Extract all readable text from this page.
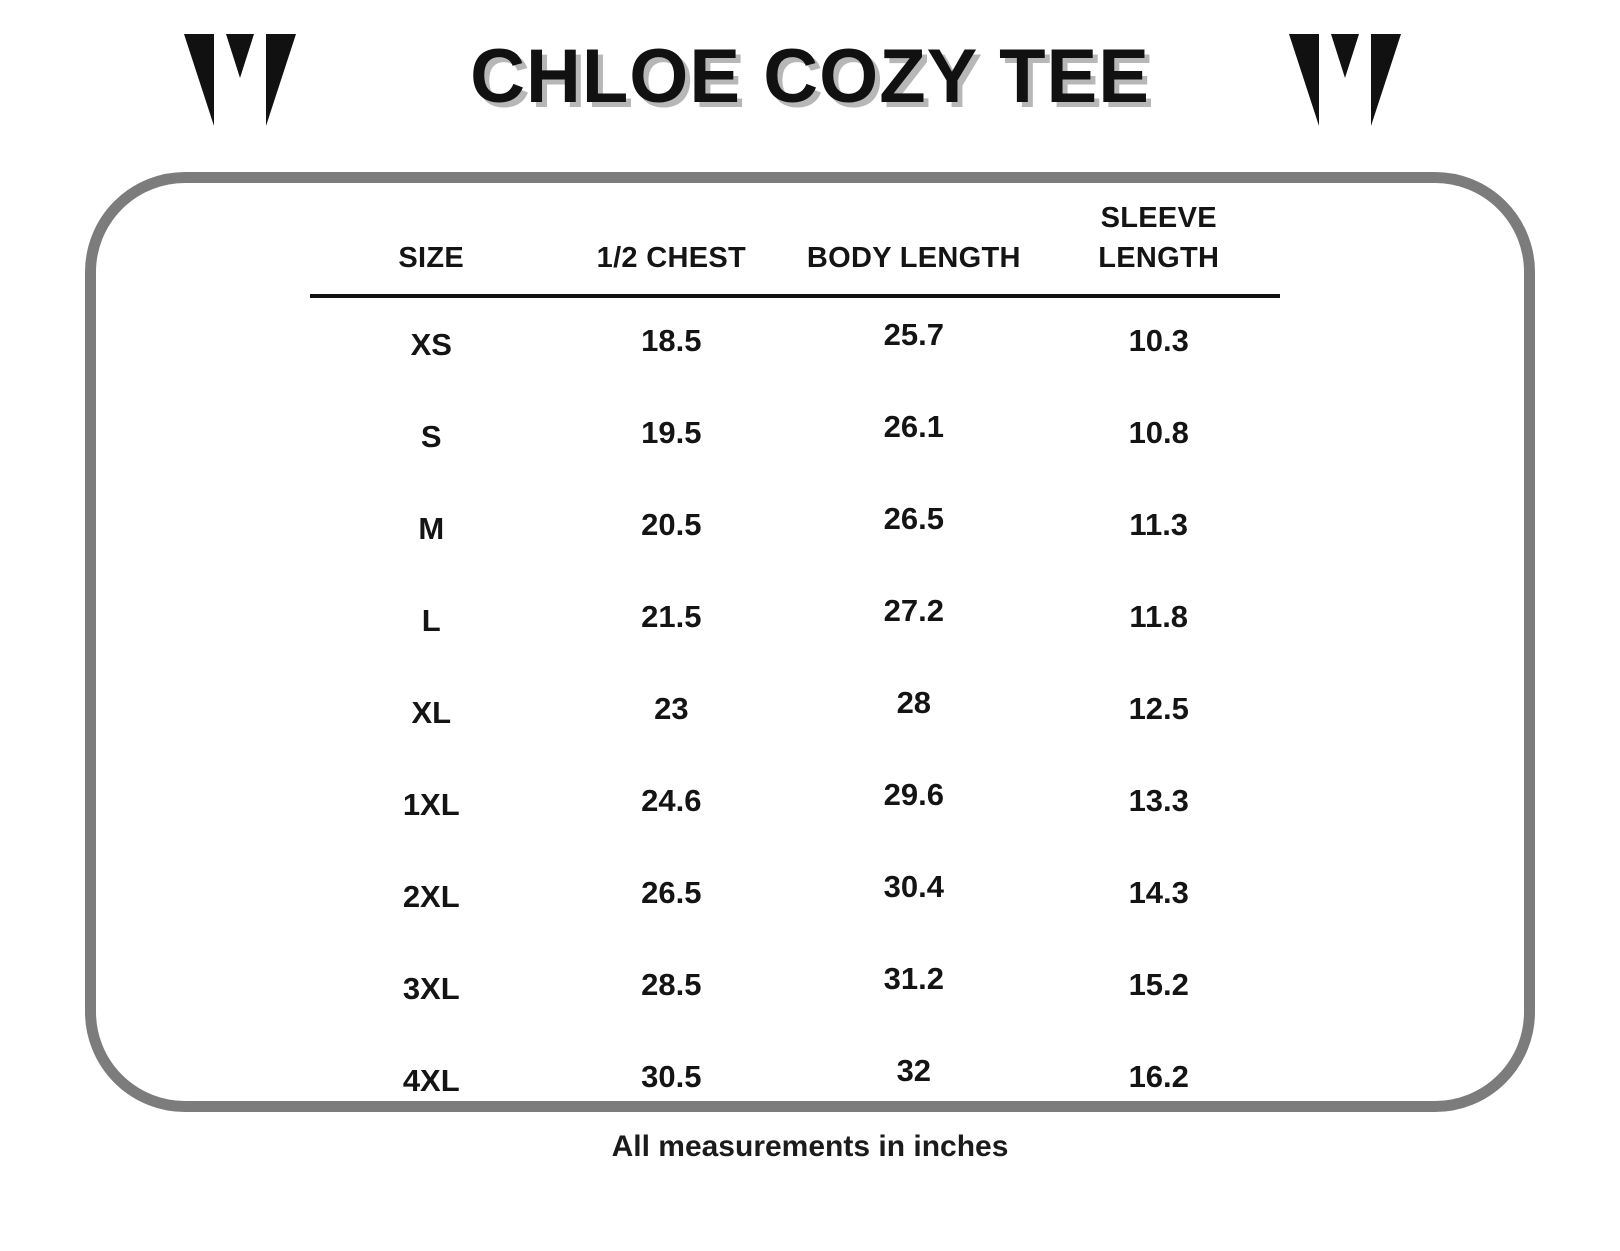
CHLOE COZY TEE
SIZE	1/2 CHEST	BODY LENGTH	SLEEVE LENGTH
XS	18.5	25.7	10.3
S	19.5	26.1	10.8
M	20.5	26.5	11.3
L	21.5	27.2	11.8
XL	23	28	12.5
1XL	24.6	29.6	13.3
2XL	26.5	30.4	14.3
3XL	28.5	31.2	15.2
4XL	30.5	32	16.2
All measurements in inches
